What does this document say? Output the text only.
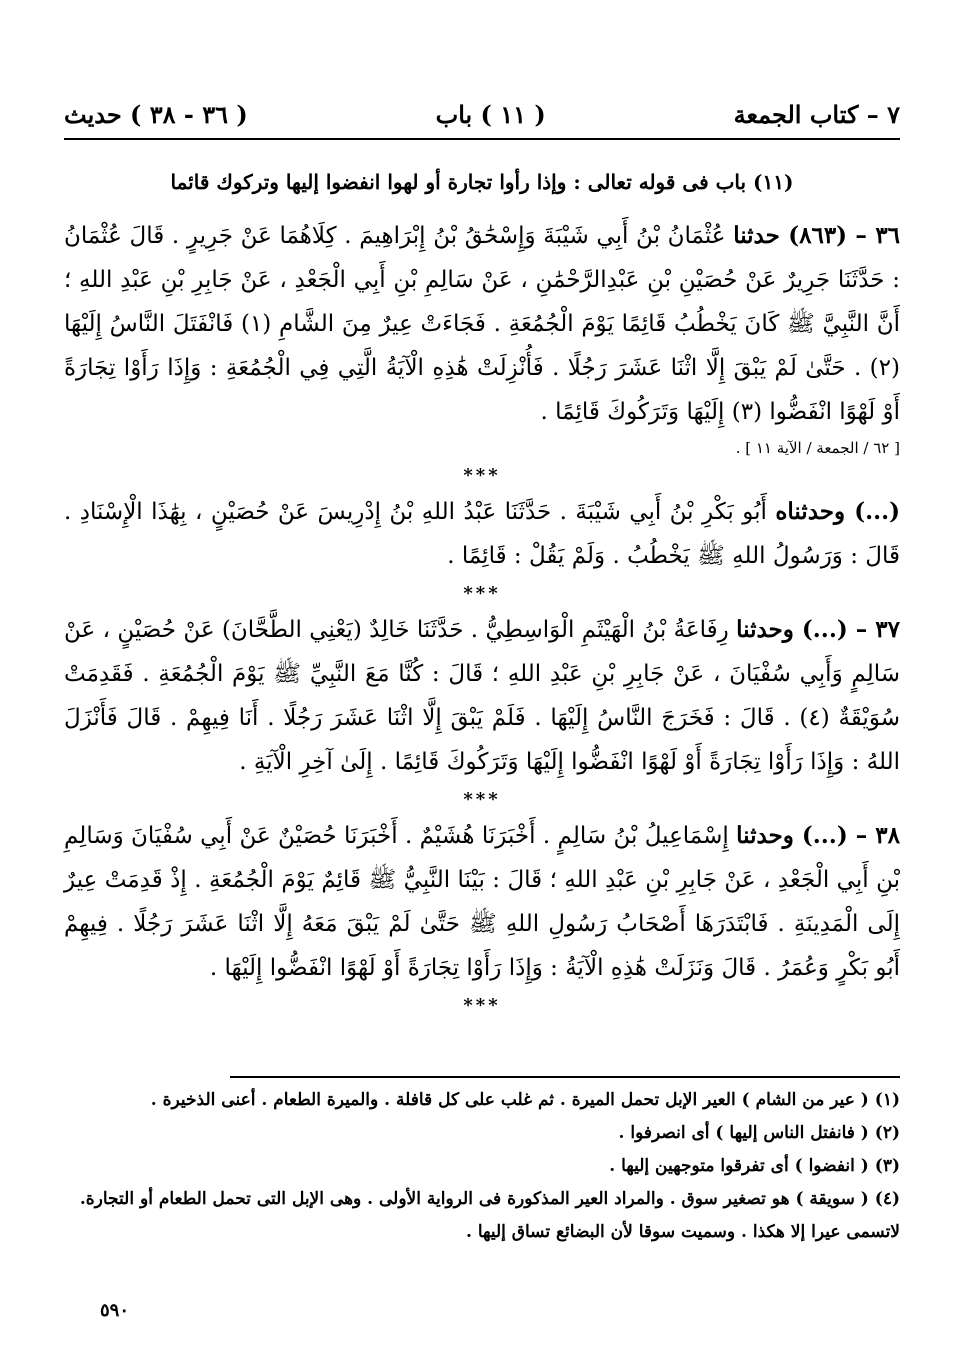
٧ – كتاب الجمعة
( ١١ ) باب
( ٣٦ - ٣٨ ) حديث
(١١) باب فى قوله تعالى : وإذا رأوا تجارة أو لهوا انفضوا إليها وتركوك قائما

٣٦ – (٨٦٣) حدثنا عُثْمَانُ بْنُ أَبِي شَيْبَةَ وَإِسْحَٰقُ بْنُ إِبْرَاهِيمَ . كِلَاهُمَا عَنْ جَرِيرٍ . قَالَ عُثْمَانُ : حَدَّثَنَا جَرِيرٌ عَنْ حُصَيْنِ بْنِ عَبْدِالرَّحْمَٰنِ ، عَنْ سَالِمِ بْنِ أَبِي الْجَعْدِ ، عَنْ جَابِرِ بْنِ عَبْدِ اللهِ ؛ أَنَّ النَّبِيَّ ﷺ كَانَ يَخْطُبُ قَائِمًا يَوْمَ الْجُمُعَةِ . فَجَاءَتْ عِيرٌ مِنَ الشَّامِ (١) فَانْفَتَلَ النَّاسُ إِلَيْهَا (٢) . حَتَّىٰ لَمْ يَبْقَ إِلَّا اثْنَا عَشَرَ رَجُلًا . فَأُنْزِلَتْ هَٰذِهِ الْآيَةُ الَّتِي فِي الْجُمُعَةِ : وَإِذَا رَأَوْا تِجَارَةً أَوْ لَهْوًا انْفَضُّوا (٣) إِلَيْهَا وَتَرَكُوكَ قَائِمًا .

[ ٦٢ / الجمعة / الآية ١١ ] .

***

(...) وحدثناه أَبُو بَكْرِ بْنُ أَبِي شَيْبَةَ . حَدَّثَنَا عَبْدُ اللهِ بْنُ إِدْرِيسَ عَنْ حُصَيْنٍ ، بِهَٰذَا الْإِسْنَادِ . قَالَ : وَرَسُولُ اللهِ ﷺ يَخْطُبُ . وَلَمْ يَقُلْ : قَائِمًا .

***

٣٧ – (...) وحدثنا رِفَاعَةُ بْنُ الْهَيْثَمِ الْوَاسِطِيُّ . حَدَّثَنَا خَالِدٌ (يَعْنِي الطَّحَّانَ) عَنْ حُصَيْنٍ ، عَنْ سَالِمٍ وَأَبِي سُفْيَانَ ، عَنْ جَابِرِ بْنِ عَبْدِ اللهِ ؛ قَالَ : كُنَّا مَعَ النَّبِيِّ ﷺ يَوْمَ الْجُمُعَةِ . فَقَدِمَتْ سُوَيْقَةٌ (٤) . قَالَ : فَخَرَجَ النَّاسُ إِلَيْهَا . فَلَمْ يَبْقَ إِلَّا اثْنَا عَشَرَ رَجُلًا . أَنَا فِيهِمْ . قَالَ فَأَنْزَلَ اللهُ : وَإِذَا رَأَوْا تِجَارَةً أَوْ لَهْوًا انْفَضُّوا إِلَيْهَا وَتَرَكُوكَ قَائِمًا . إِلَىٰ آخِرِ الْآيَةِ .

***

٣٨ – (...) وحدثنا إِسْمَاعِيلُ بْنُ سَالِمٍ . أَخْبَرَنَا هُشَيْمٌ . أَخْبَرَنَا حُصَيْنٌ عَنْ أَبِي سُفْيَانَ وَسَالِمِ بْنِ أَبِي الْجَعْدِ ، عَنْ جَابِرِ بْنِ عَبْدِ اللهِ ؛ قَالَ : بَيْنَا النَّبِيُّ ﷺ قَائِمٌ يَوْمَ الْجُمُعَةِ . إِذْ قَدِمَتْ عِيرٌ إِلَى الْمَدِينَةِ . فَابْتَدَرَهَا أَصْحَابُ رَسُولِ اللهِ ﷺ حَتَّىٰ لَمْ يَبْقَ مَعَهُ إِلَّا اثْنَا عَشَرَ رَجُلًا . فِيهِمْ أَبُو بَكْرٍ وَعُمَرُ . قَالَ وَنَزَلَتْ هَٰذِهِ الْآيَةُ : وَإِذَا رَأَوْا تِجَارَةً أَوْ لَهْوًا انْفَضُّوا إِلَيْهَا .

***

(١) ( عير من الشام ) العير الإبل تحمل الميرة . ثم غلب على كل قافلة . والميرة الطعام . أعنى الذخيرة .

(٢) ( فانفتل الناس إليها ) أى انصرفوا .

(٣) ( انفضوا ) أى تفرقوا متوجهين إليها .

(٤) ( سويقة ) هو تصغير سوق . والمراد العير المذكورة فى الرواية الأولى . وهى الإبل التى تحمل الطعام أو التجارة. لاتسمى عيرا إلا هكذا . وسميت سوقا لأن البضائع تساق إليها .

٥٩٠
